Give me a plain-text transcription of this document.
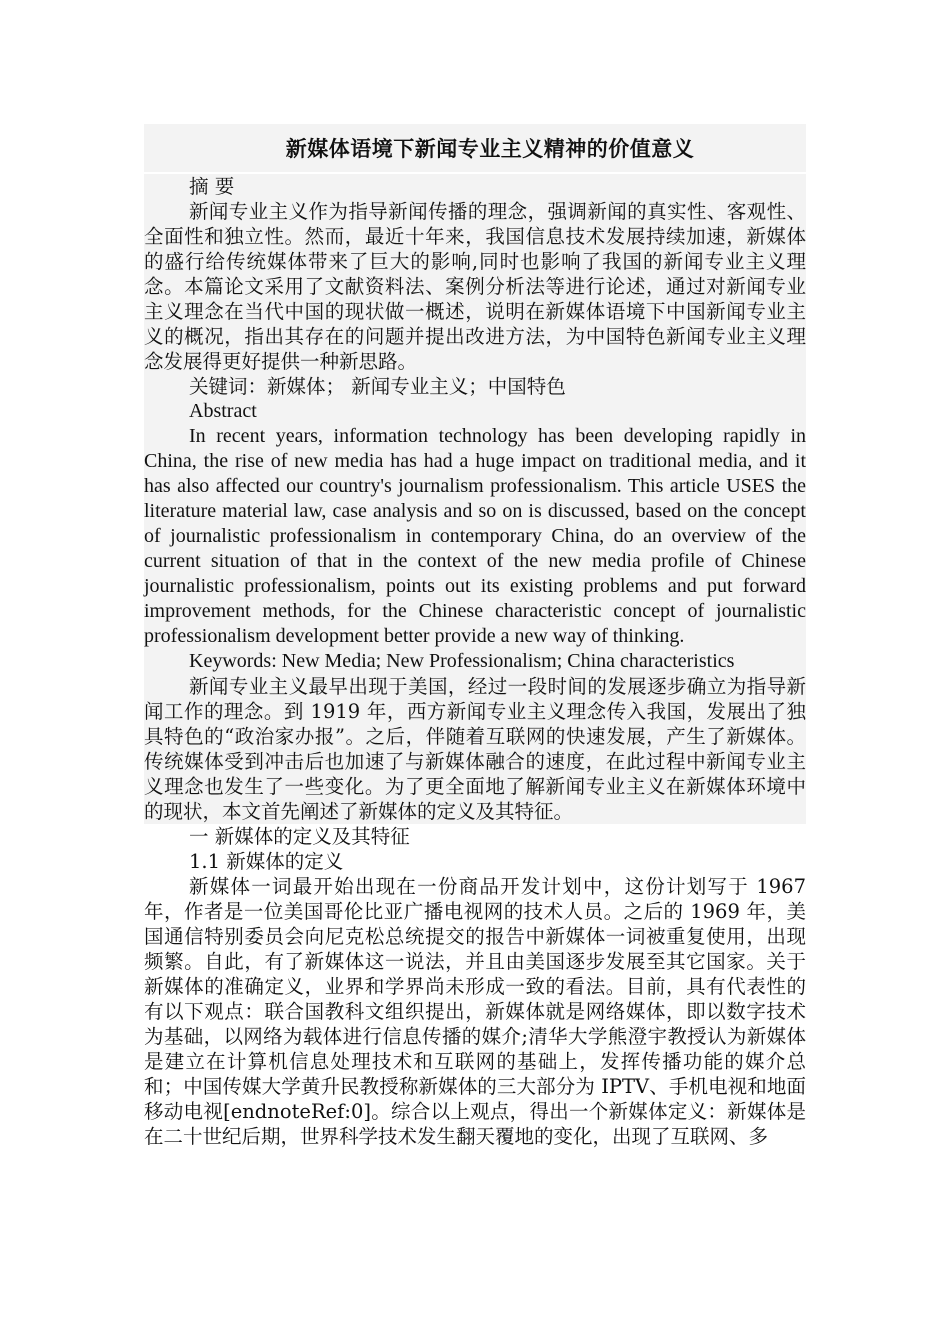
新媒体语境下新闻专业主义精神的价值意义

摘 要

新闻专业主义作为指导新闻传播的理念，强调新闻的真实性、客观性、全面性和独立性。然而，最近十年来，我国信息技术发展持续加速，新媒体的盛行给传统媒体带来了巨大的影响,同时也影响了我国的新闻专业主义理念。本篇论文采用了文献资料法、案例分析法等进行论述，通过对新闻专业主义理念在当代中国的现状做一概述，说明在新媒体语境下中国新闻专业主义的概况，指出其存在的问题并提出改进方法，为中国特色新闻专业主义理念发展得更好提供一种新思路。

关键词：新媒体； 新闻专业主义；中国特色

Abstract

In recent years, information technology has been developing rapidly in China, the rise of new media has had a huge impact on traditional media, and it has also affected our country's journalism professionalism. This article USES the literature material law, case analysis and so on is discussed, based on the concept of journalistic professionalism in contemporary China, do an overview of the current situation of that in the context of the new media profile of Chinese journalistic professionalism, points out its existing problems and put forward improvement methods, for the Chinese characteristic concept of journalistic professionalism development better provide a new way of thinking.

Keywords: New Media; New Professionalism; China characteristics

新闻专业主义最早出现于美国，经过一段时间的发展逐步确立为指导新闻工作的理念。到 1919 年，西方新闻专业主义理念传入我国，发展出了独具特色的“政治家办报”。之后，伴随着互联网的快速发展，产生了新媒体。传统媒体受到冲击后也加速了与新媒体融合的速度，在此过程中新闻专业主义理念也发生了一些变化。为了更全面地了解新闻专业主义在新媒体环境中的现状，本文首先阐述了新媒体的定义及其特征。

一 新媒体的定义及其特征

1.1 新媒体的定义

新媒体一词最开始出现在一份商品开发计划中，这份计划写于 1967 年，作者是一位美国哥伦比亚广播电视网的技术人员。之后的 1969 年，美国通信特别委员会向尼克松总统提交的报告中新媒体一词被重复使用，出现频繁。自此，有了新媒体这一说法，并且由美国逐步发展至其它国家。关于新媒体的准确定义，业界和学界尚未形成一致的看法。目前，具有代表性的有以下观点：联合国教科文组织提出，新媒体就是网络媒体，即以数字技术为基础，以网络为载体进行信息传播的媒介;清华大学熊澄宇教授认为新媒体是建立在计算机信息处理技术和互联网的基础上，发挥传播功能的媒介总和；中国传媒大学黄升民教授称新媒体的三大部分为 IPTV、手机电视和地面移动电视[endnoteRef:0]。综合以上观点，得出一个新媒体定义：新媒体是在二十世纪后期，世界科学技术发生翻天覆地的变化，出现了互联网、多
